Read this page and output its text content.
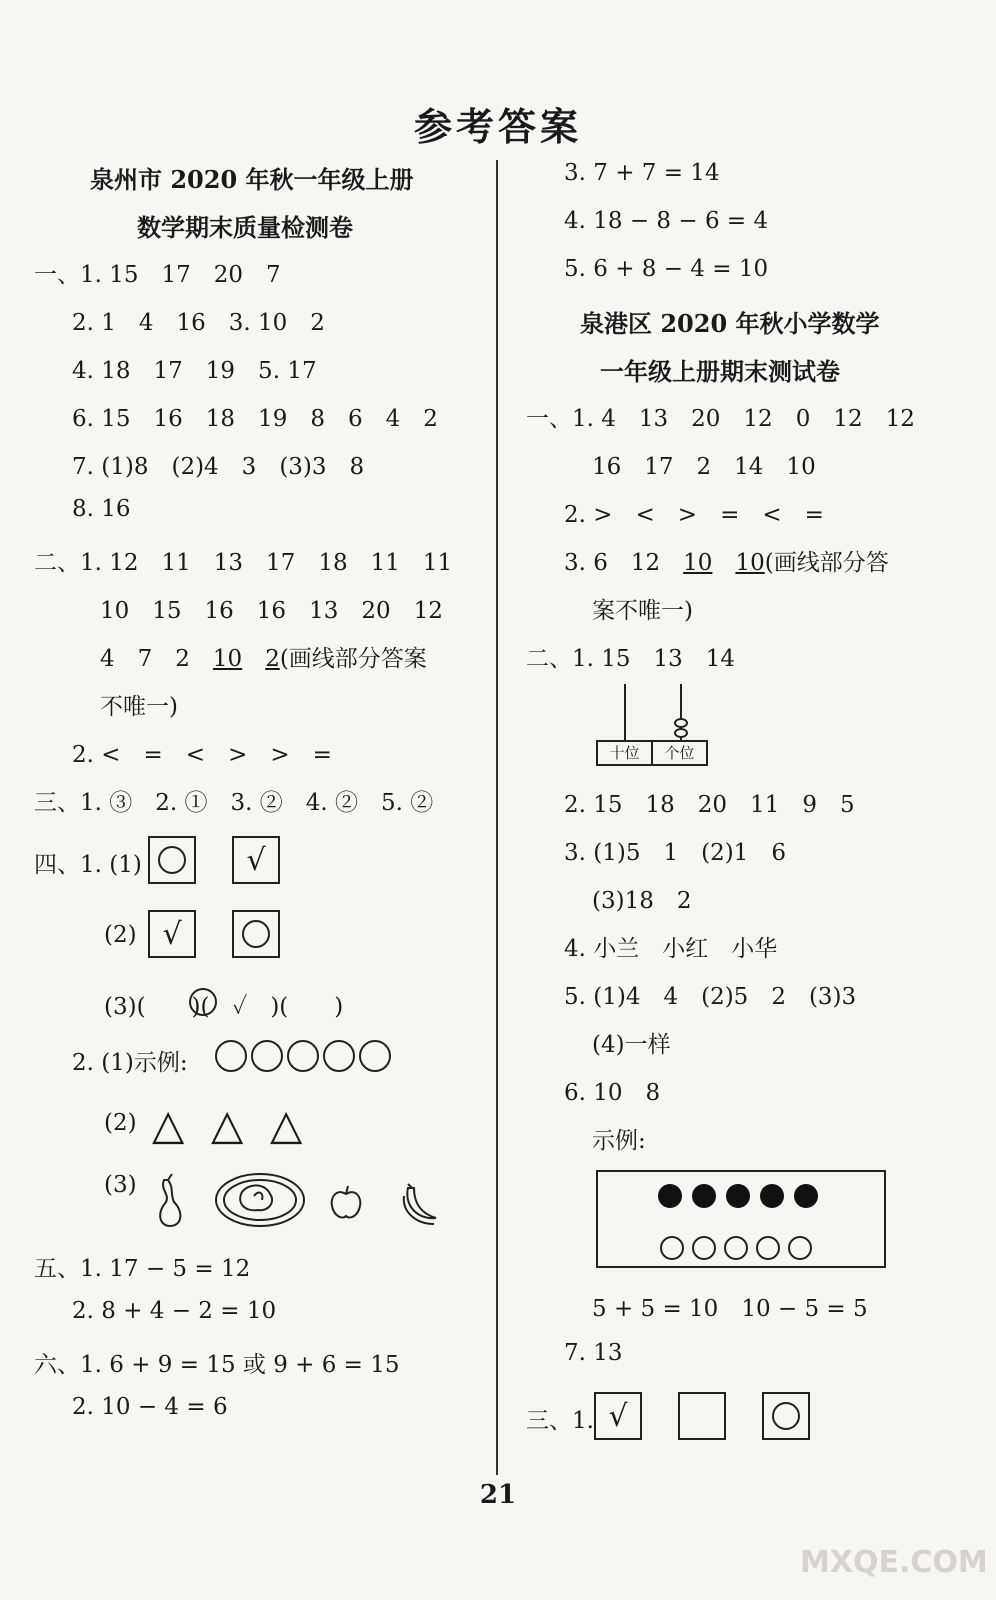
参考答案
泉州市 2020 年秋一年级上册
数学期末质量检测卷
一、1. 15　17　20　7
2. 1　4　16　3. 10　2
4. 18　17　19　5. 17
6. 15　16　18　19　8　6　4　2
7. (1)8　(2)4　3　(3)3　8
8. 16
二、1. 12　11　13　17　18　11　11
10　15　16　16　13　20　12
4　7　2　10　 2(画线部分答案
不唯一)
2. <　=　<　>　>　=
三、1. ③　2. ①　3. ②　4. ②　5. ②
四、1. (1)	√
(2) √
(3)(　　)(　✓　)(　　)
2. (1)示例:
(2) △ △ △
(3)
五、1. 17 − 5 = 12
2. 8 + 4 − 2 = 10
六、1. 6 + 9 = 15 或 9 + 6 = 15
2. 10 − 4 = 6
3. 7 + 7 = 14
4. 18 − 8 − 6 = 4
5. 6 + 8 − 4 = 10
泉港区 2020 年秋小学数学
一年级上册期末测试卷
一、1. 4　13　20　12　0　12　12
16　17　2　14　10
2. >　<　>　=　<　=
3. 6　12　10　 10(画线部分答
案不唯一)
二、1. 15　13　14
十位	个位
2. 15　18　20　11　9　5
3. (1)5　1　(2)1　6
(3)18　2
4. 小兰　小红　小华
5. (1)4　4　(2)5　2　(3)3
(4)一样
6. 10　8
示例:
5 + 5 = 10　10 − 5 = 5
7. 13
三、1. √
21
MXQE.COM
